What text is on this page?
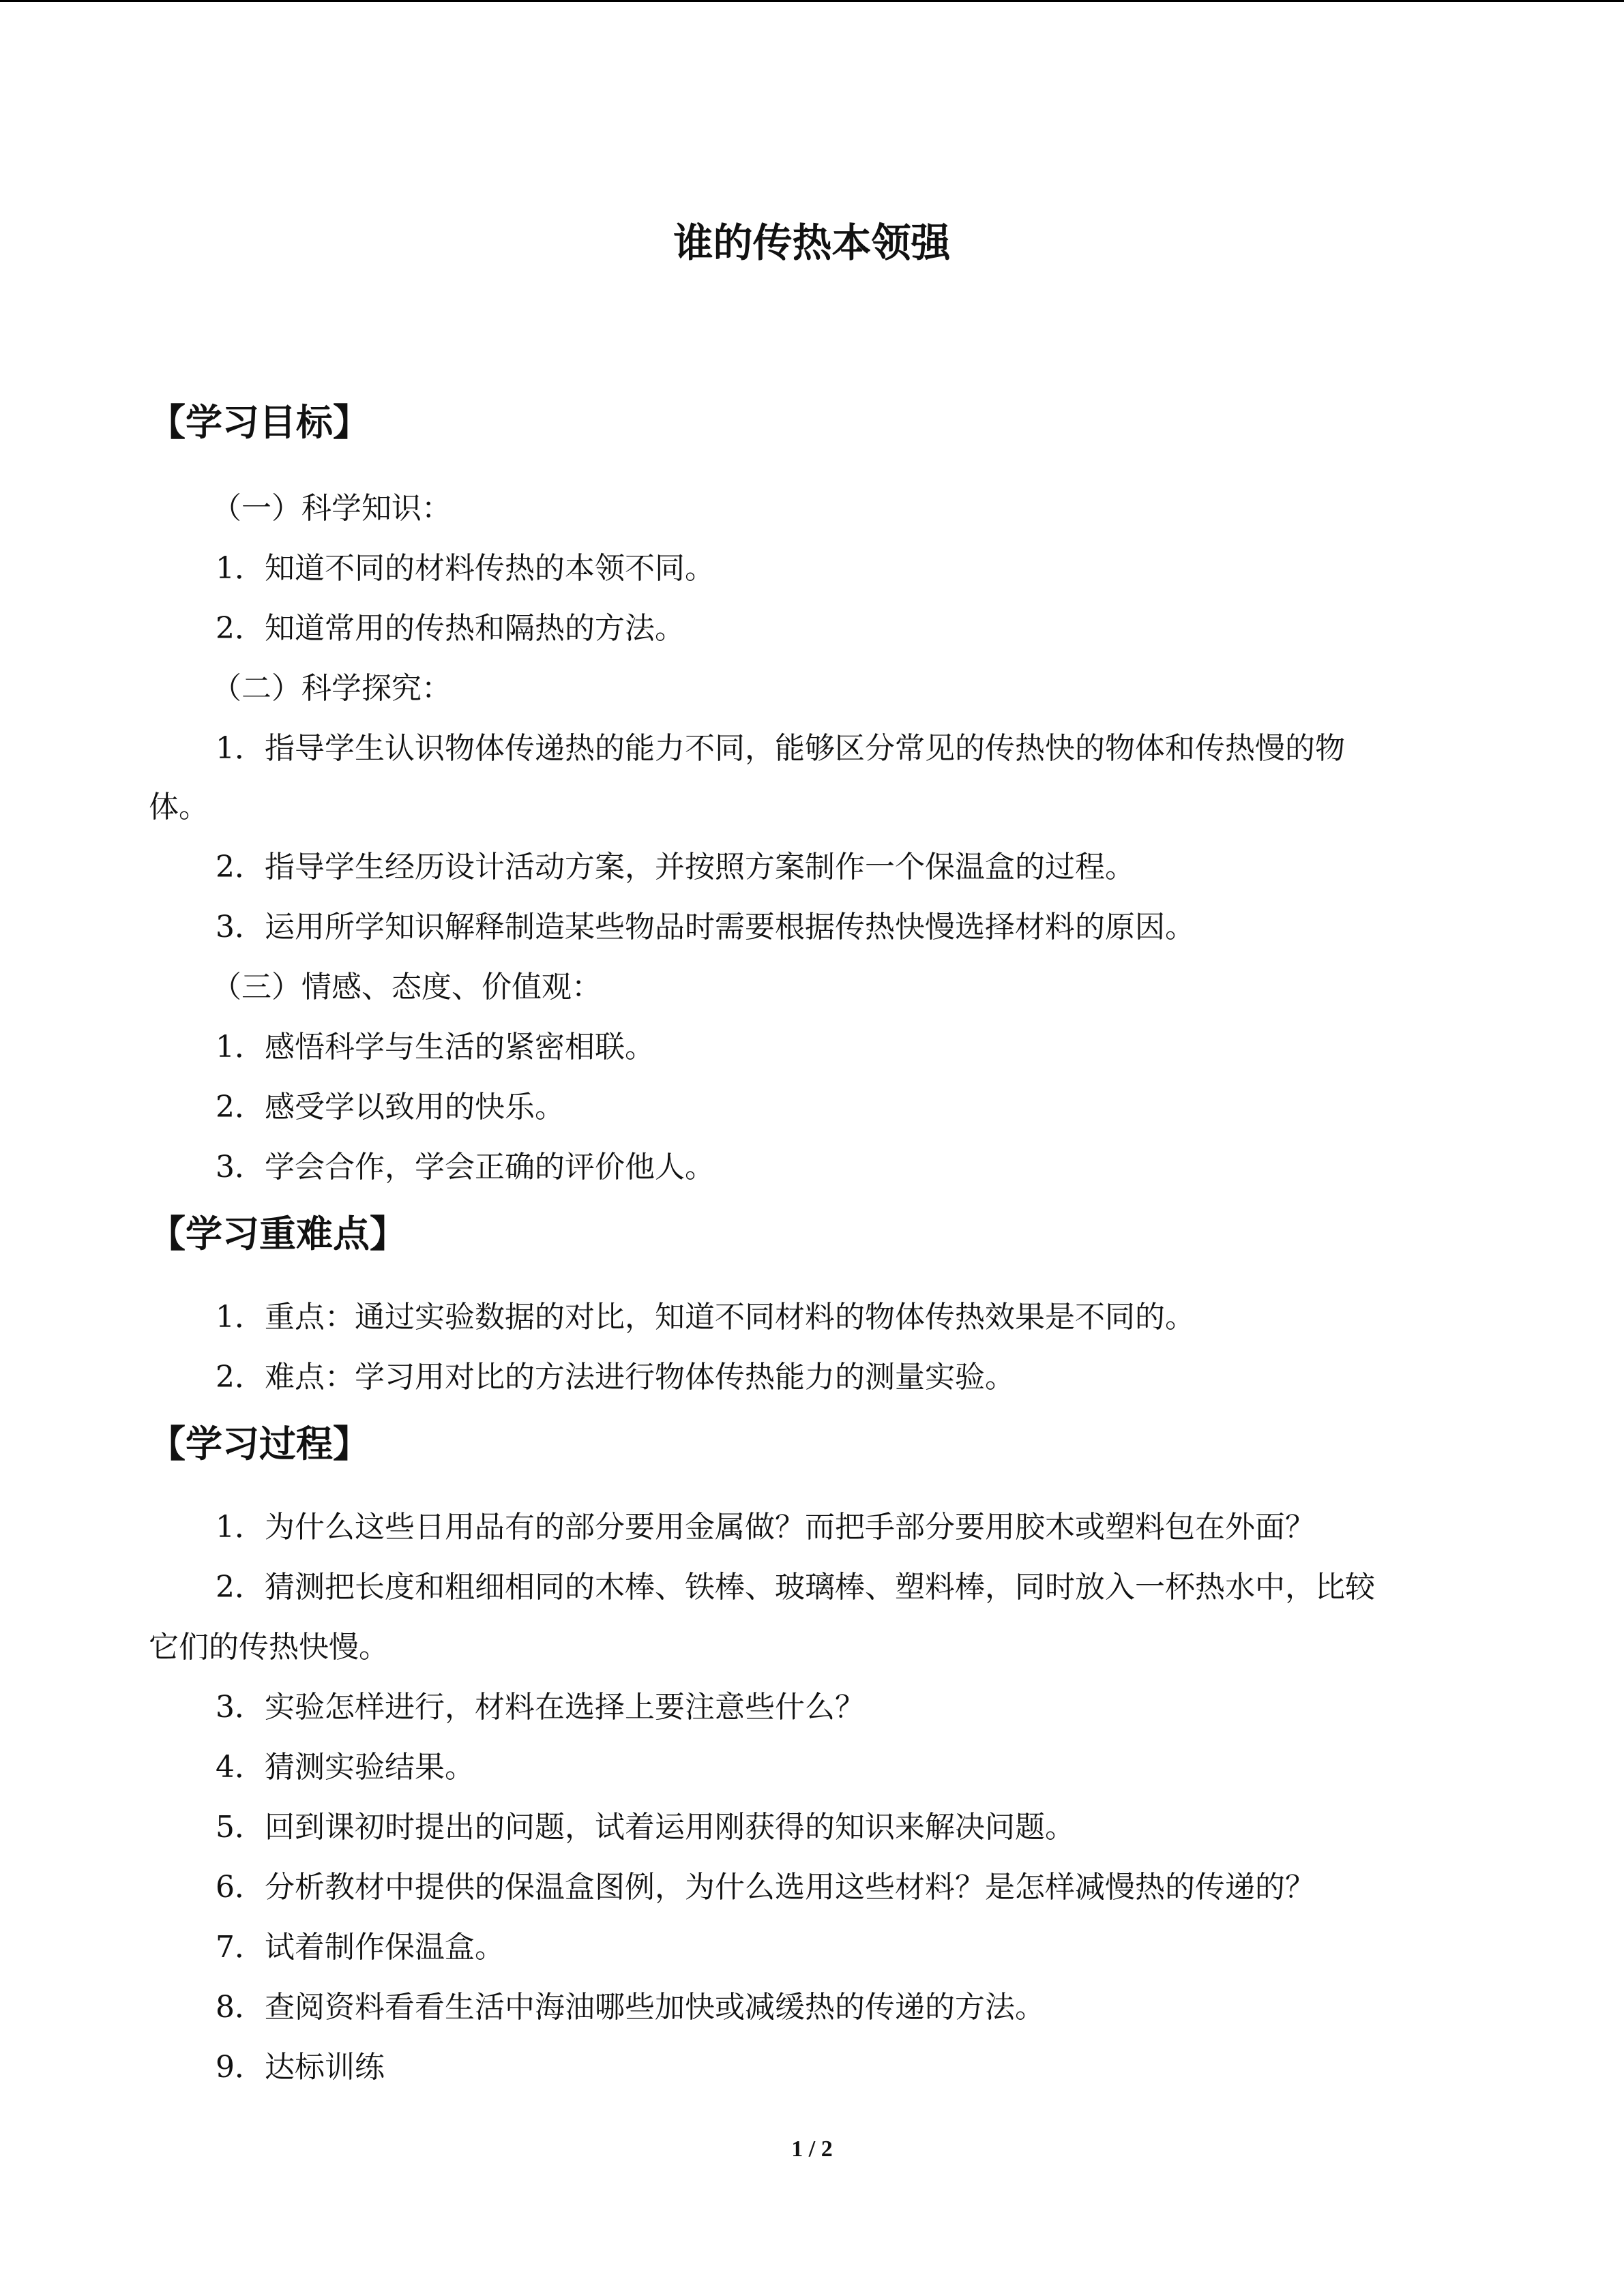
谁的传热本领强
【学习目标】

（一）科学知识：

1．知道不同的材料传热的本领不同。

2．知道常用的传热和隔热的方法。

（二）科学探究：

1．指导学生认识物体传递热的能力不同，能够区分常见的传热快的物体和传热慢的物

体。

2．指导学生经历设计活动方案，并按照方案制作一个保温盒的过程。

3．运用所学知识解释制造某些物品时需要根据传热快慢选择材料的原因。

（三）情感、态度、价值观：

1．感悟科学与生活的紧密相联。

2．感受学以致用的快乐。

3．学会合作，学会正确的评价他人。

【学习重难点】

1．重点：通过实验数据的对比，知道不同材料的物体传热效果是不同的。

2．难点：学习用对比的方法进行物体传热能力的测量实验。

【学习过程】

1．为什么这些日用品有的部分要用金属做？而把手部分要用胶木或塑料包在外面？

2．猜测把长度和粗细相同的木棒、铁棒、玻璃棒、塑料棒，同时放入一杯热水中，比较

它们的传热快慢。

3．实验怎样进行，材料在选择上要注意些什么？

4．猜测实验结果。

5．回到课初时提出的问题，试着运用刚获得的知识来解决问题。

6．分析教材中提供的保温盒图例，为什么选用这些材料？是怎样减慢热的传递的？

7．试着制作保温盒。

8．查阅资料看看生活中海油哪些加快或减缓热的传递的方法。

9．达标训练

1 / 2
